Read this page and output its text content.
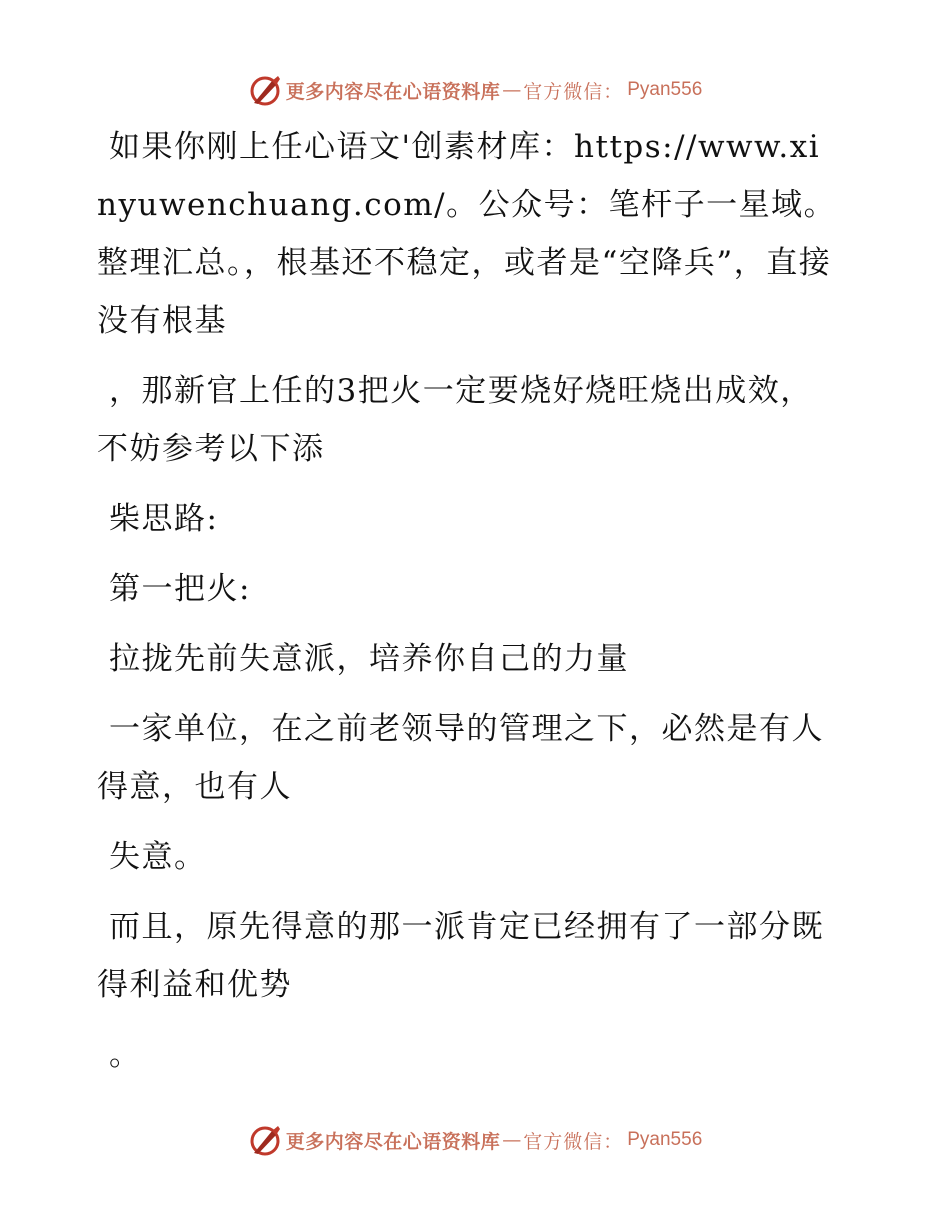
更多内容尽在心语资料库 — 官方微信： Pyan556

如果你刚上任心语文'创素材库：https://www.xinyuwenchuang.com/。公众号：笔杆子一星域。整理汇总。，根基还不稳定，或者是“空降兵”，直接没有根基

，那新官上任的3把火一定要烧好烧旺烧出成效，不妨参考以下添

柴思路:

第一把火:

拉拢先前失意派，培养你自己的力量

一家单位，在之前老领导的管理之下，必然是有人得意，也有人

失意。

而且，原先得意的那一派肯定已经拥有了一部分既得利益和优势

。

更多内容尽在心语资料库 — 官方微信： Pyan556
